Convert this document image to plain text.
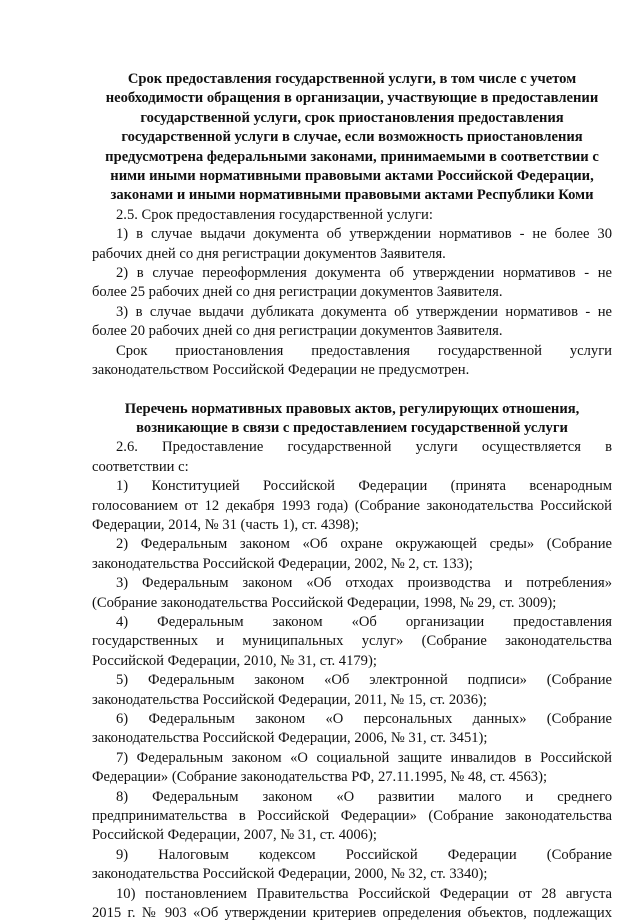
Срок предоставления государственной услуги, в том числе с учетом
необходимости обращения в организации, участвующие в предоставлении
государственной услуги, срок приостановления предоставления
государственной услуги в случае, если возможность приостановления
предусмотрена федеральными законами, принимаемыми в соответствии с
ними иными нормативными правовыми актами Российской Федерации,
законами и иными нормативными правовыми актами Республики Коми
2.5. Срок предоставления государственной услуги:
1) в случае выдачи документа об утверждении нормативов - не более 30
рабочих дней со дня регистрации документов Заявителя.
2) в случае переоформления документа об утверждении нормативов - не
более 25 рабочих дней со дня регистрации документов Заявителя.
3) в случае выдачи дубликата документа об утверждении нормативов - не
более 20 рабочих дней со дня регистрации документов Заявителя.
Срок приостановления предоставления государственной услуги
законодательством Российской Федерации не предусмотрен.
Перечень нормативных правовых актов, регулирующих отношения,
возникающие в связи с предоставлением государственной услуги
2.6. Предоставление государственной услуги осуществляется в
соответствии с:
1) Конституцией Российской Федерации (принята всенародным
голосованием от 12 декабря 1993 года) (Собрание законодательства Российской
Федерации, 2014, № 31 (часть 1), ст. 4398);
2) Федеральным законом «Об охране окружающей среды» (Собрание
законодательства Российской Федерации, 2002, № 2, ст. 133);
3) Федеральным законом «Об отходах производства и потребления»
(Собрание законодательства Российской Федерации, 1998, № 29, ст. 3009);
4) Федеральным законом «Об организации предоставления
государственных и муниципальных услуг» (Собрание законодательства
Российской Федерации, 2010, № 31, ст. 4179);
5) Федеральным законом «Об электронной подписи» (Собрание
законодательства Российской Федерации, 2011, № 15, ст. 2036);
6) Федеральным законом «О персональных данных» (Собрание
законодательства Российской Федерации, 2006, № 31, ст. 3451);
7) Федеральным законом «О социальной защите инвалидов в Российской
Федерации» (Собрание законодательства РФ, 27.11.1995, № 48, ст. 4563);
8) Федеральным законом «О развитии малого и среднего
предпринимательства в Российской Федерации» (Собрание законодательства
Российской Федерации, 2007, № 31, ст. 4006);
9) Налоговым кодексом Российской Федерации (Собрание
законодательства Российской Федерации, 2000, № 32, ст. 3340);
10) постановлением Правительства Российской Федерации от 28 августа
2015 г. № 903 «Об утверждении критериев определения объектов, подлежащих
